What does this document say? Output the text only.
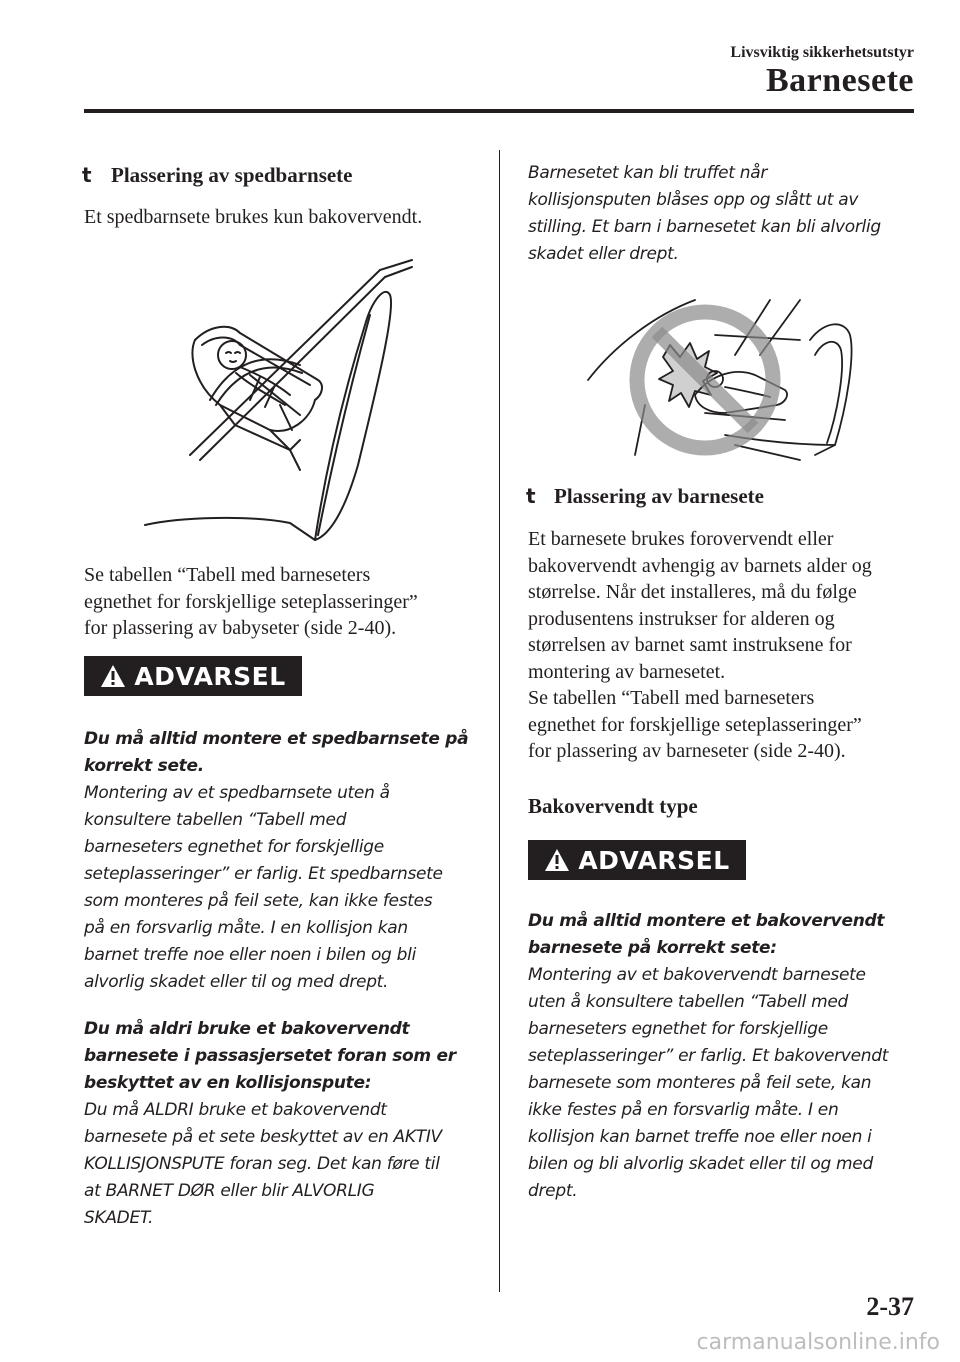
Livsviktig sikkerhetsutstyr
Barnesete
t Plassering av spedbarnsete
Et spedbarnsete brukes kun bakovervendt.
Se tabellen “Tabell med barneseters
egnethet for forskjellige seteplasseringer”
for plassering av babyseter (side 2-40).
ADVARSEL
Du må alltid montere et spedbarnsete på
korrekt sete.
Montering av et spedbarnsete uten å
konsultere tabellen “Tabell med
barneseters egnethet for forskjellige
seteplasseringer” er farlig. Et spedbarnsete
som monteres på feil sete, kan ikke festes
på en forsvarlig måte. I en kollisjon kan
barnet treffe noe eller noen i bilen og bli
alvorlig skadet eller til og med drept.
Du må aldri bruke et bakovervendt
barnesete i passasjersetet foran som er
beskyttet av en kollisjonspute:
Du må ALDRI bruke et bakovervendt
barnesete på et sete beskyttet av en AKTIV
KOLLISJONSPUTE foran seg. Det kan føre til
at BARNET DØR eller blir ALVORLIG
SKADET.
Barnesetet kan bli truffet når
kollisjonsputen blåses opp og slått ut av
stilling. Et barn i barnesetet kan bli alvorlig
skadet eller drept.
t Plassering av barnesete
Et barnesete brukes forovervendt eller
bakovervendt avhengig av barnets alder og
størrelse. Når det installeres, må du følge
produsentens instrukser for alderen og
størrelsen av barnet samt instruksene for
montering av barnesetet.
Se tabellen “Tabell med barneseters
egnethet for forskjellige seteplasseringer”
for plassering av barneseter (side 2-40).
Bakovervendt type
ADVARSEL
Du må alltid montere et bakovervendt
barnesete på korrekt sete:
Montering av et bakovervendt barnesete
uten å konsultere tabellen “Tabell med
barneseters egnethet for forskjellige
seteplasseringer” er farlig. Et bakovervendt
barnesete som monteres på feil sete, kan
ikke festes på en forsvarlig måte. I en
kollisjon kan barnet treffe noe eller noen i
bilen og bli alvorlig skadet eller til og med
drept.
2-37
carmanualsonline.info
